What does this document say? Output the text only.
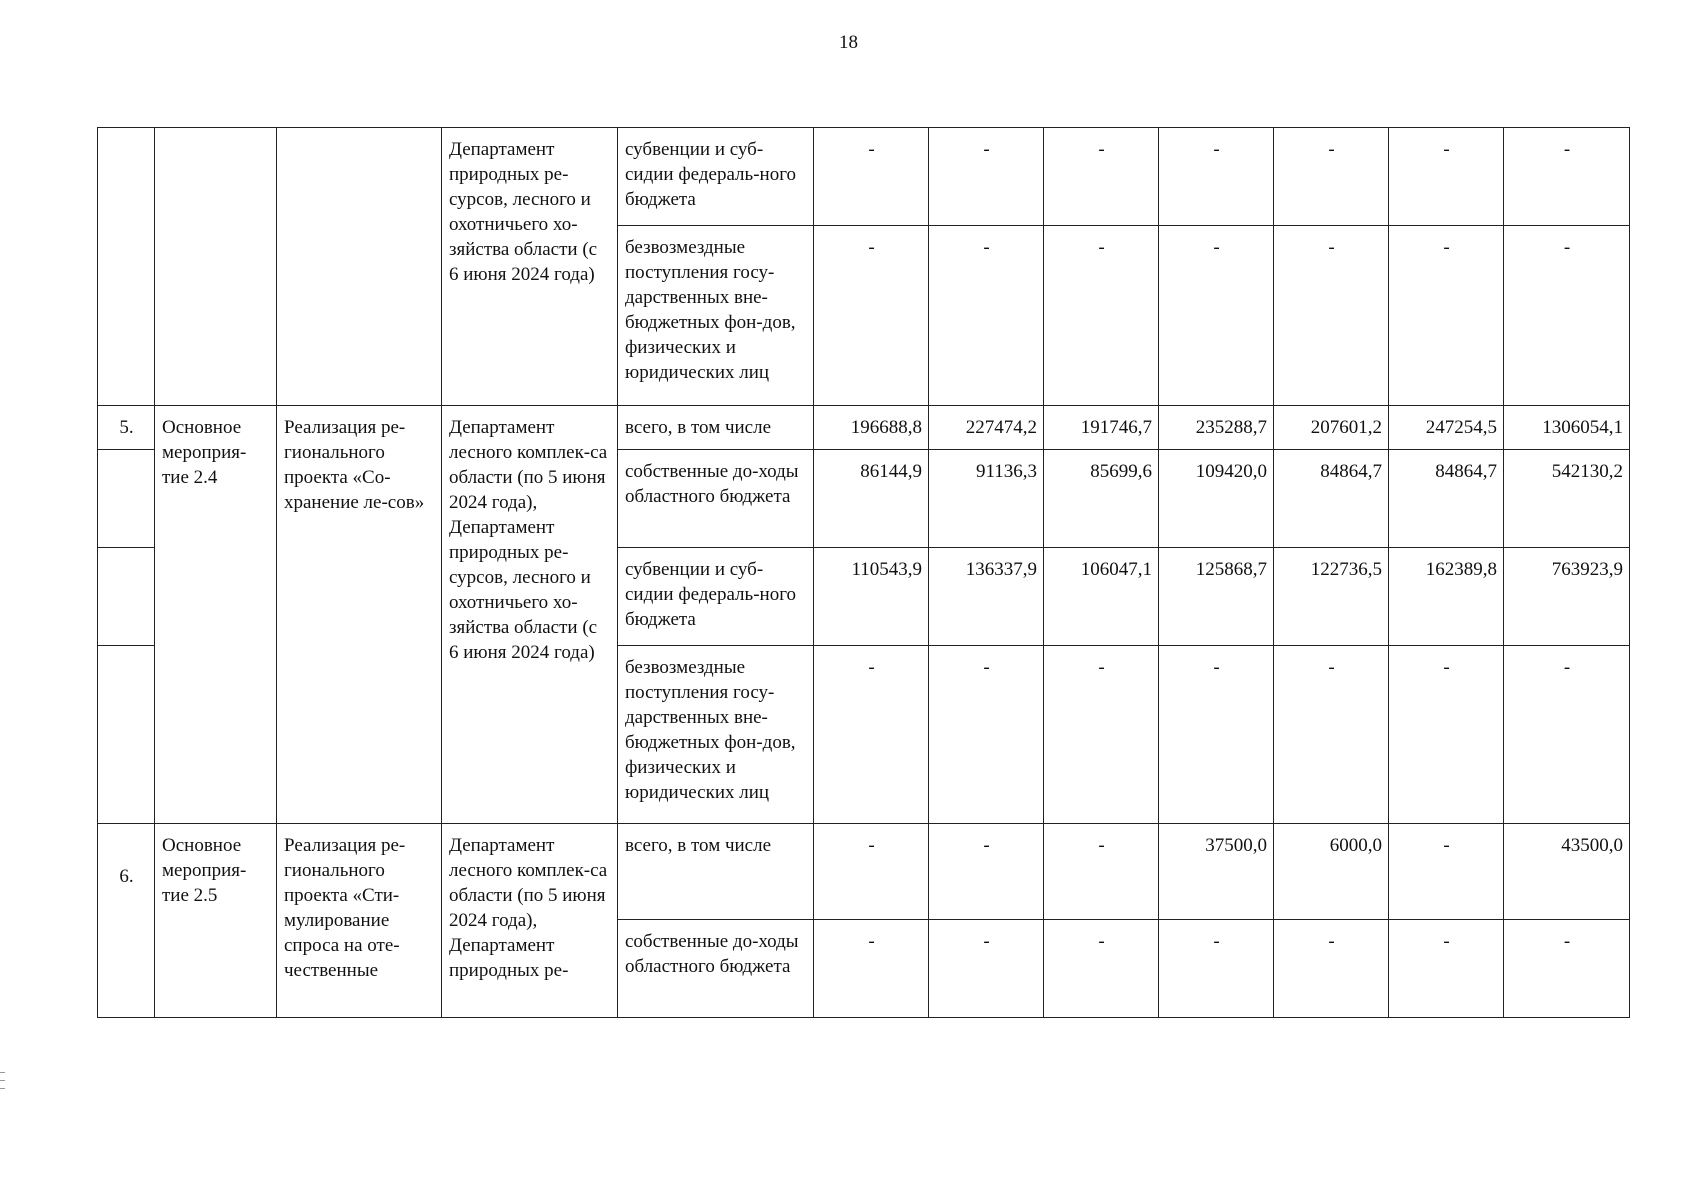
18
			Департамент природных ре-сурсов, лесного и охотничьего хо-зяйства области (с 6 июня 2024 года)	субвенции и суб-сидии федераль-ного бюджета	-	-	-	-	-	-	-
				безвозмездные поступления госу-дарственных вне-бюджетных фон-дов, физических и юридических лиц	-	-	-	-	-	-	-
5.	Основное мероприя-тие 2.4	Реализация ре-гионального проекта «Со-хранение ле-сов»	Департамент лесного комплек-са области (по 5 июня 2024 года), Департамент природных ре-сурсов, лесного и охотничьего хо-зяйства области (с 6 июня 2024 года)	всего, в том числе	196688,8	227474,2	191746,7	235288,7	207601,2	247254,5	1306054,1
				собственные до-ходы областного бюджета	86144,9	91136,3	85699,6	109420,0	84864,7	84864,7	542130,2
				субвенции и суб-сидии федераль-ного бюджета	110543,9	136337,9	106047,1	125868,7	122736,5	162389,8	763923,9
				безвозмездные поступления госу-дарственных вне-бюджетных фон-дов, физических и юридических лиц	-	-	-	-	-	-	-
6.	Основное мероприя-тие 2.5	Реализация ре-гионального проекта «Сти-мулирование спроса на оте-чественные	Департамент лесного комплек-са области (по 5 июня 2024 года), Департамент природных ре-	всего, в том числе	-	-	-	37500,0	6000,0	-	43500,0
				собственные до-ходы областного бюджета	-	-	-	-	-	-	-
